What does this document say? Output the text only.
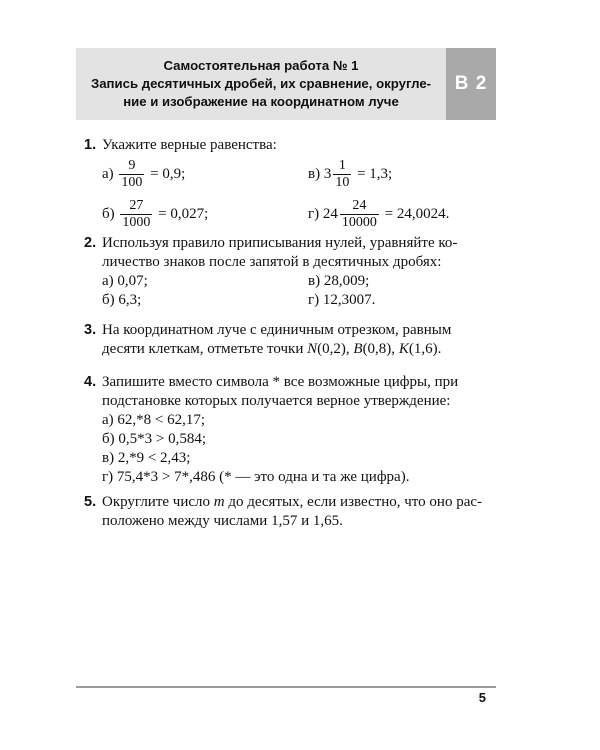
Самостоятельная работа № 1
Запись десятичных дробей, их сравнение, округле-
ние и изображение на координатном луче
В 2
1. Укажите верные равенства:
$а) \frac{9}{100} = 0,9$;	в) $3 \frac{1}{10} = 1,3$;
$б) \frac{27}{1000} = 0,027$;	г) $24 \frac{24}{10000} = 24,0024$.
2. Используя правило приписывания нулей, уравняйте ко-
личество знаков после запятой в десятичных дробях:
а) 0,07;	в) 28,009;
б) 6,3;	г) 12,3007.
3. На координатном луче с единичным отрезком, равным
десяти клеткам, отметьте точки N(0,2), B(0,8), K(1,6).
4. Запишите вместо символа * все возможные цифры, при
подстановке которых получается верное утверждение:
а) 62,*8 < 62,17;
б) 0,5*3 > 0,584;
в) 2,*9 < 2,43;
г) 75,4*3 > 7*,486 (* — это одна и та же цифра).
5. Округлите число m до десятых, если известно, что оно рас-
положено между числами 1,57 и 1,65.
5
